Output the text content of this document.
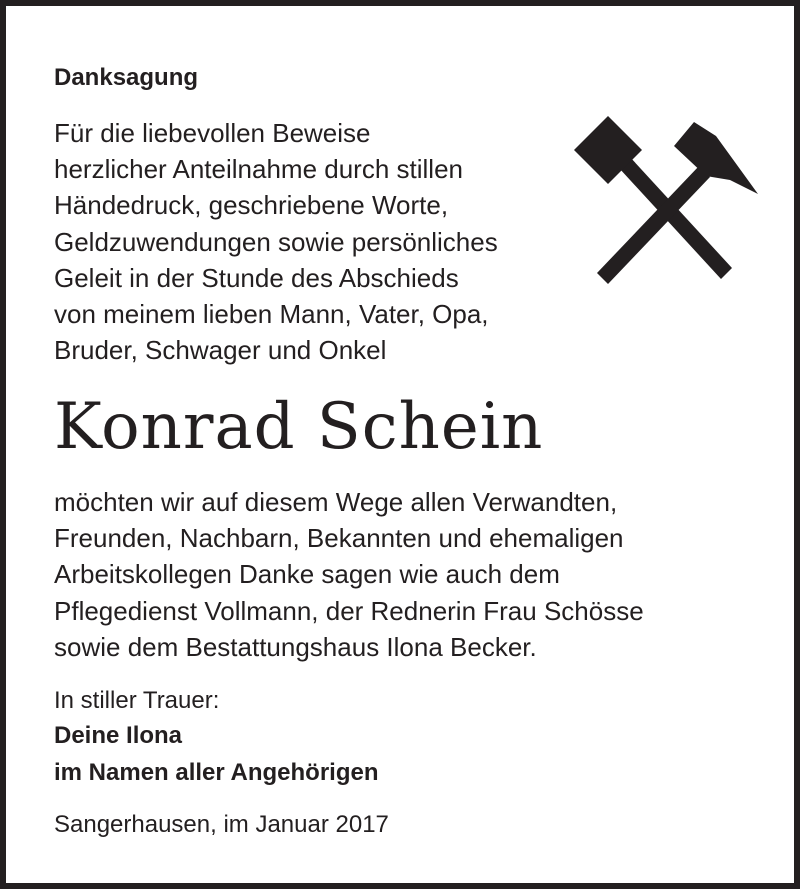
Danksagung
Für die liebevollen Beweise
herzlicher Anteilnahme durch stillen
Händedruck, geschriebene Worte,
Geldzuwendungen sowie persönliches
Geleit in der Stunde des Abschieds
von meinem lieben Mann, Vater, Opa,
Bruder, Schwager und Onkel
Konrad Schein
möchten wir auf diesem Wege allen Verwandten,
Freunden, Nachbarn, Bekannten und ehemaligen
Arbeitskollegen Danke sagen wie auch dem
Pflegedienst Vollmann, der Rednerin Frau Schösse
sowie dem Bestattungshaus Ilona Becker.
In stiller Trauer:
Deine Ilona
im Namen aller Angehörigen
Sangerhausen, im Januar 2017
